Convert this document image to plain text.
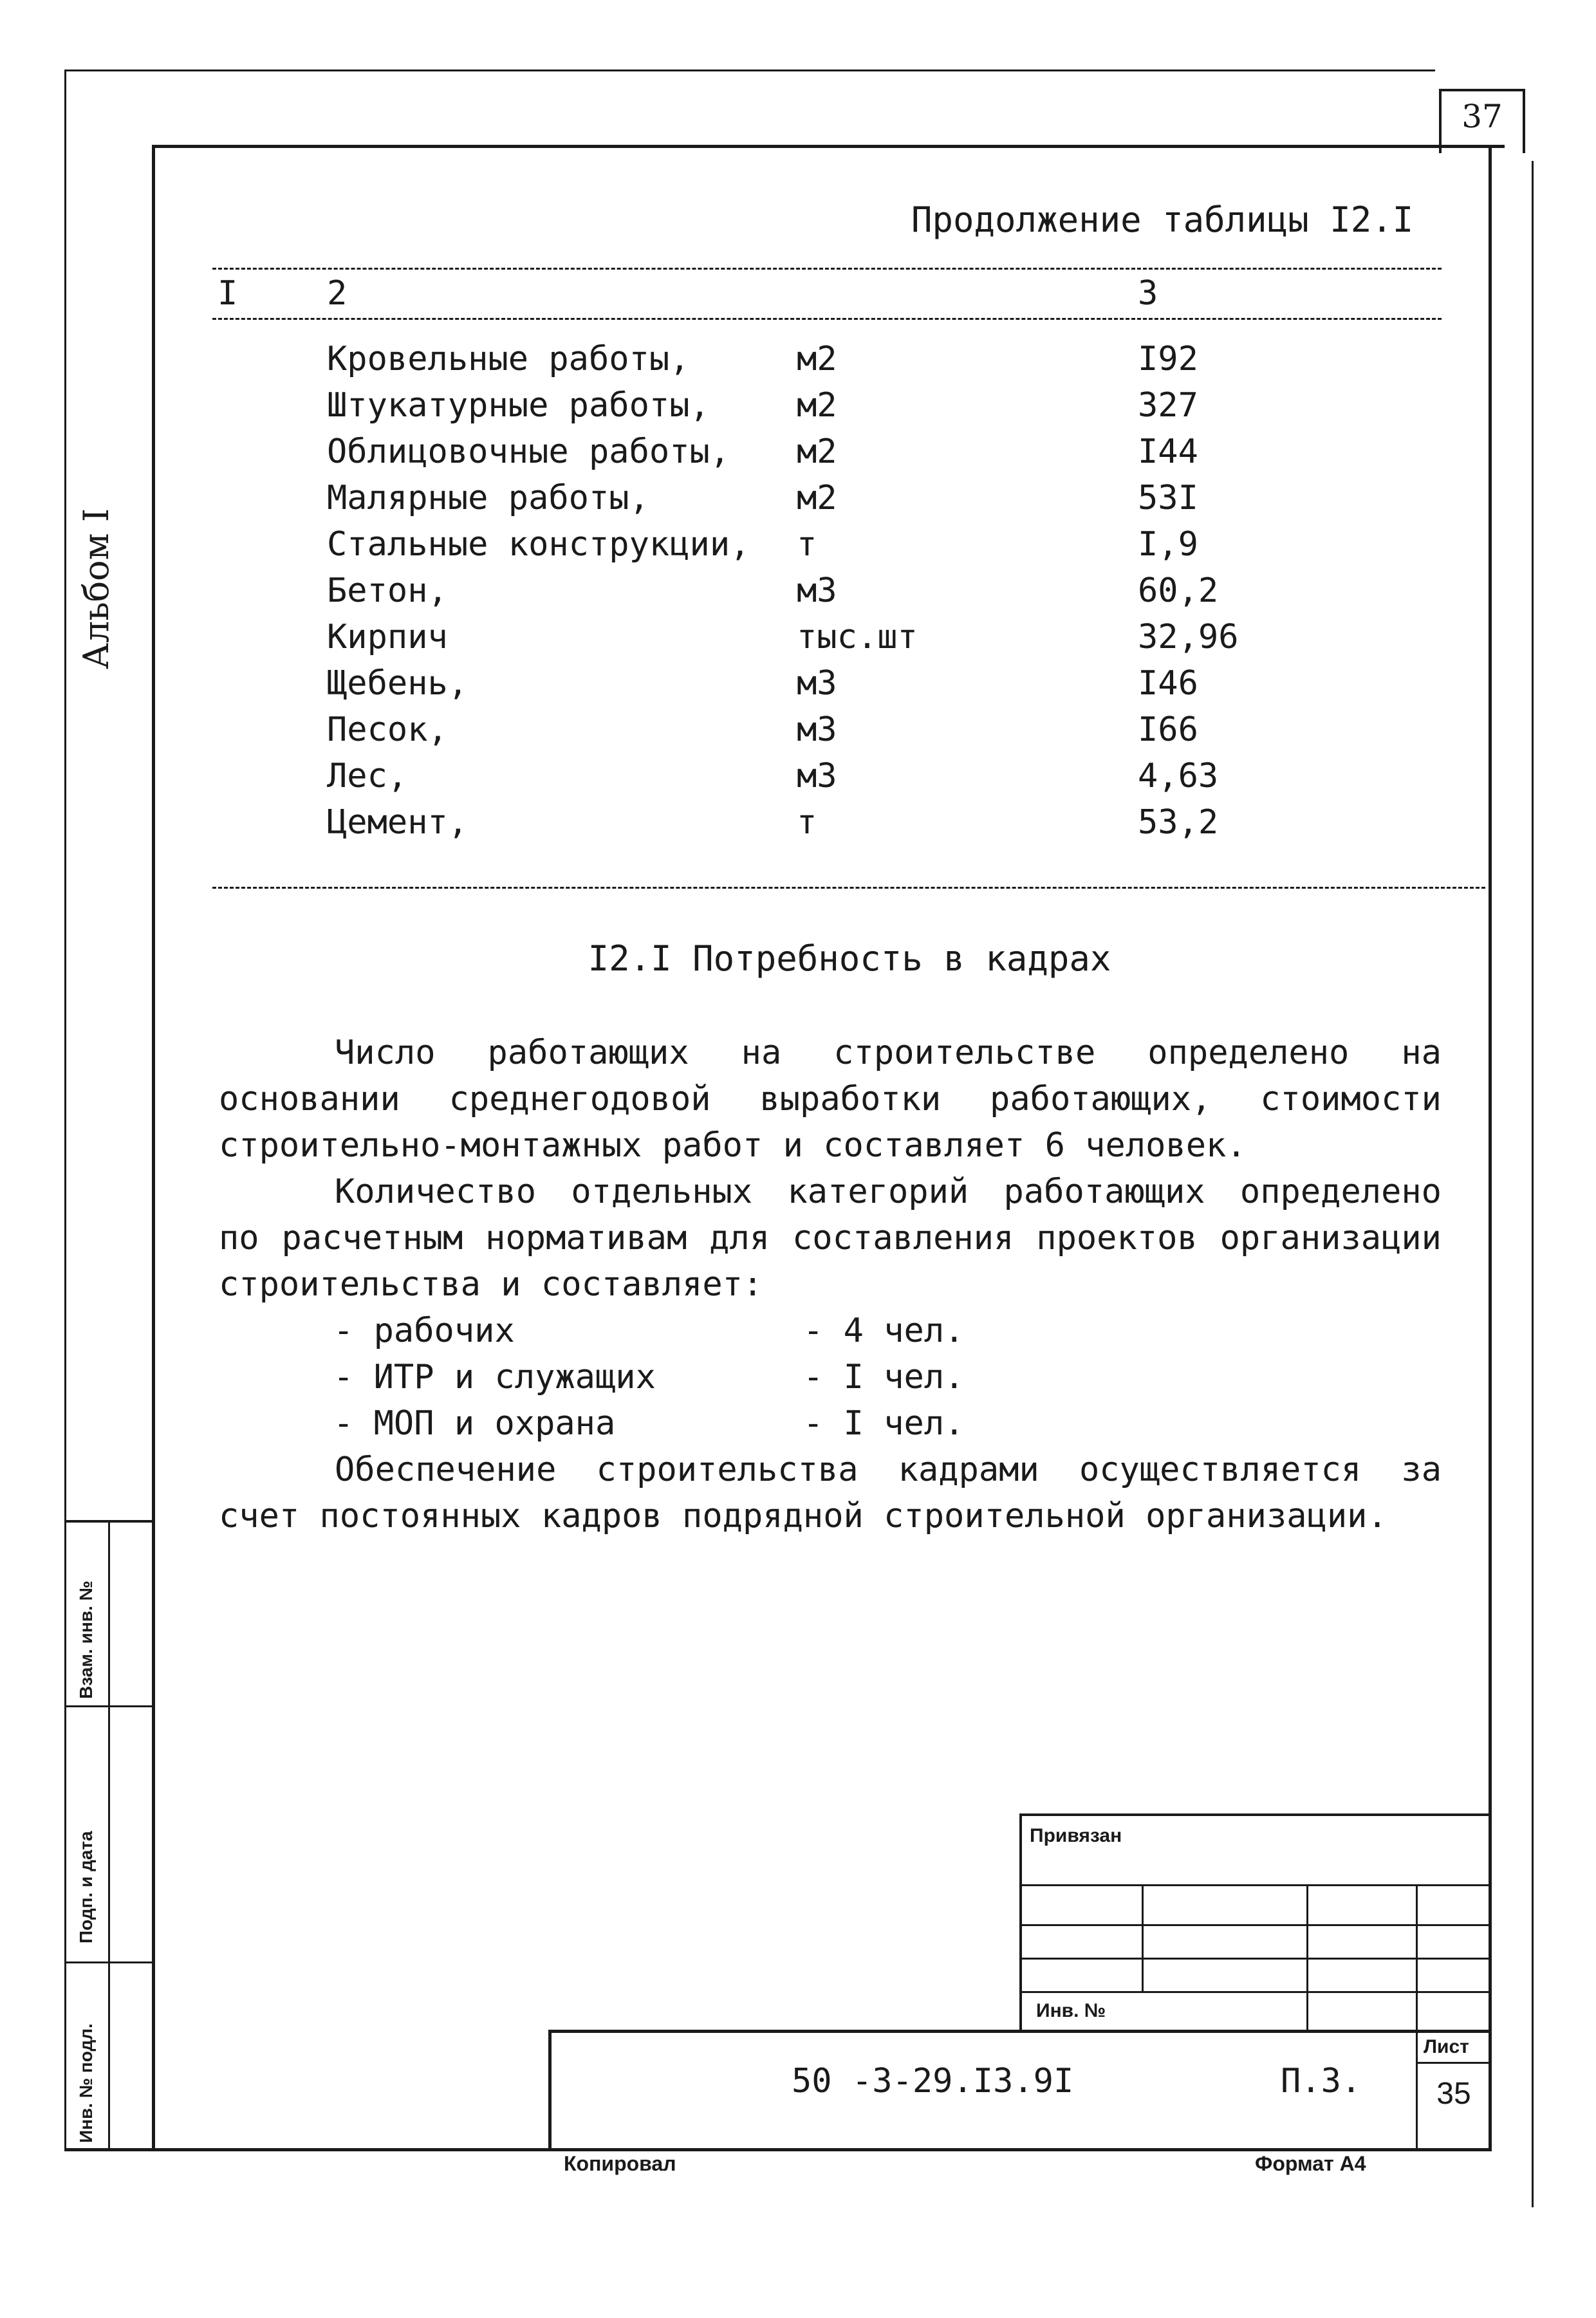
37
Альбом I
Продолжение таблицы I2.I
I	2	3
Кровельные работы,	м2	I92
Штукатурные работы,	м2	327
Облицовочные работы, м2	I44
Малярные работы,	м2	53I
Стальные конструкции, т	I,9
Бетон,	м3	60,2
Кирпич	тыс.шт	32,96
Щебень,	м3	I46
Песок,	м3	I66
Лес,	м3	4,63
Цемент,	т	53,2
I2.I Потребность в кадрах
Число работающих на строительстве определено на основании среднегодовой выработки работающих, стоимости строительно-монтажных работ и составляет 6 человек.
Количество отдельных категорий работающих определено по расчетным нормативам для составления проектов организации строительства и составляет:
- рабочих	- 4 чел.
- ИТР и служащих	- I чел.
- МОП и охрана	- I чел.
Обеспечение строительства кадрами осуществляется за счет постоянных кадров подрядной строительной организации.
Взам. инв. №
Подп. и дата
Инв. № подл.
Привязан
Инв. №
50 -3-29.I3.9I	П.3.
Лист
35
Копировал	Формат А4
